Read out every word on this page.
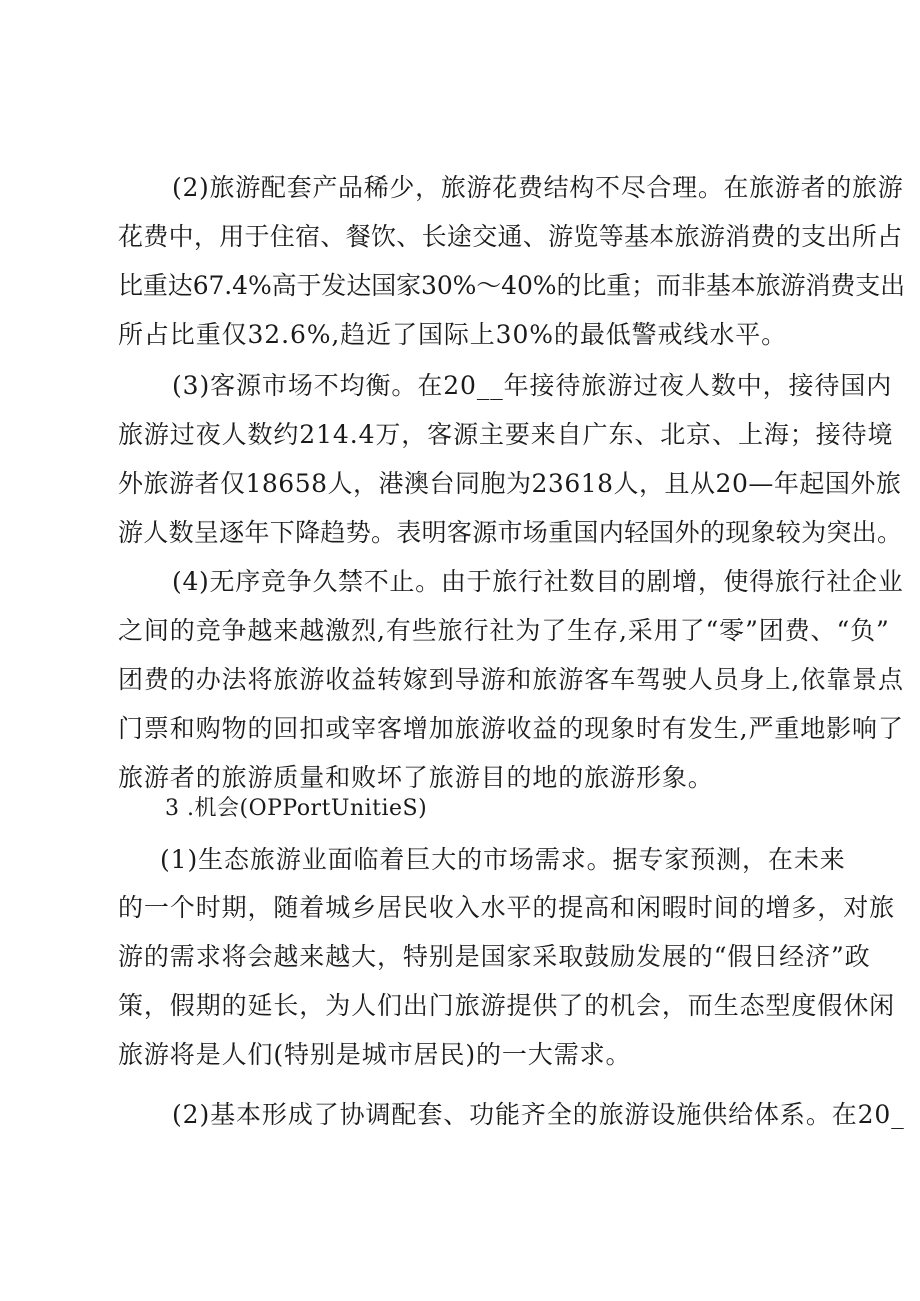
(2)旅游配套产品稀少，旅游花费结构不尽合理。在旅游者的旅游
花费中，用于住宿、餐饮、长途交通、游览等基本旅游消费的支出所占
比重达67.4%高于发达国家30%～40%的比重；而非基本旅游消费支出
所占比重仅32.6%,趋近了国际上30%的最低警戒线水平。
(3)客源市场不均衡。在20__年接待旅游过夜人数中，接待国内
旅游过夜人数约214.4万，客源主要来自广东、北京、上海；接待境
外旅游者仅18658人，港澳台同胞为23618人，且从20—年起国外旅
游人数呈逐年下降趋势。表明客源市场重国内轻国外的现象较为突出。
(4)无序竞争久禁不止。由于旅行社数目的剧增，使得旅行社企业
之间的竞争越来越激烈,有些旅行社为了生存,采用了“零”团费、“负”
团费的办法将旅游收益转嫁到导游和旅游客车驾驶人员身上,依靠景点
门票和购物的回扣或宰客增加旅游收益的现象时有发生,严重地影响了
旅游者的旅游质量和败坏了旅游目的地的旅游形象。
3 .机会(OPPortUnitieS)
(1)生态旅游业面临着巨大的市场需求。据专家预测，在未来
的一个时期，随着城乡居民收入水平的提高和闲暇时间的增多，对旅
游的需求将会越来越大，特别是国家采取鼓励发展的“假日经济”政
策，假期的延长，为人们出门旅游提供了的机会，而生态型度假休闲
旅游将是人们(特别是城市居民)的一大需求。
(2)基本形成了协调配套、功能齐全的旅游设施供给体系。在20_
